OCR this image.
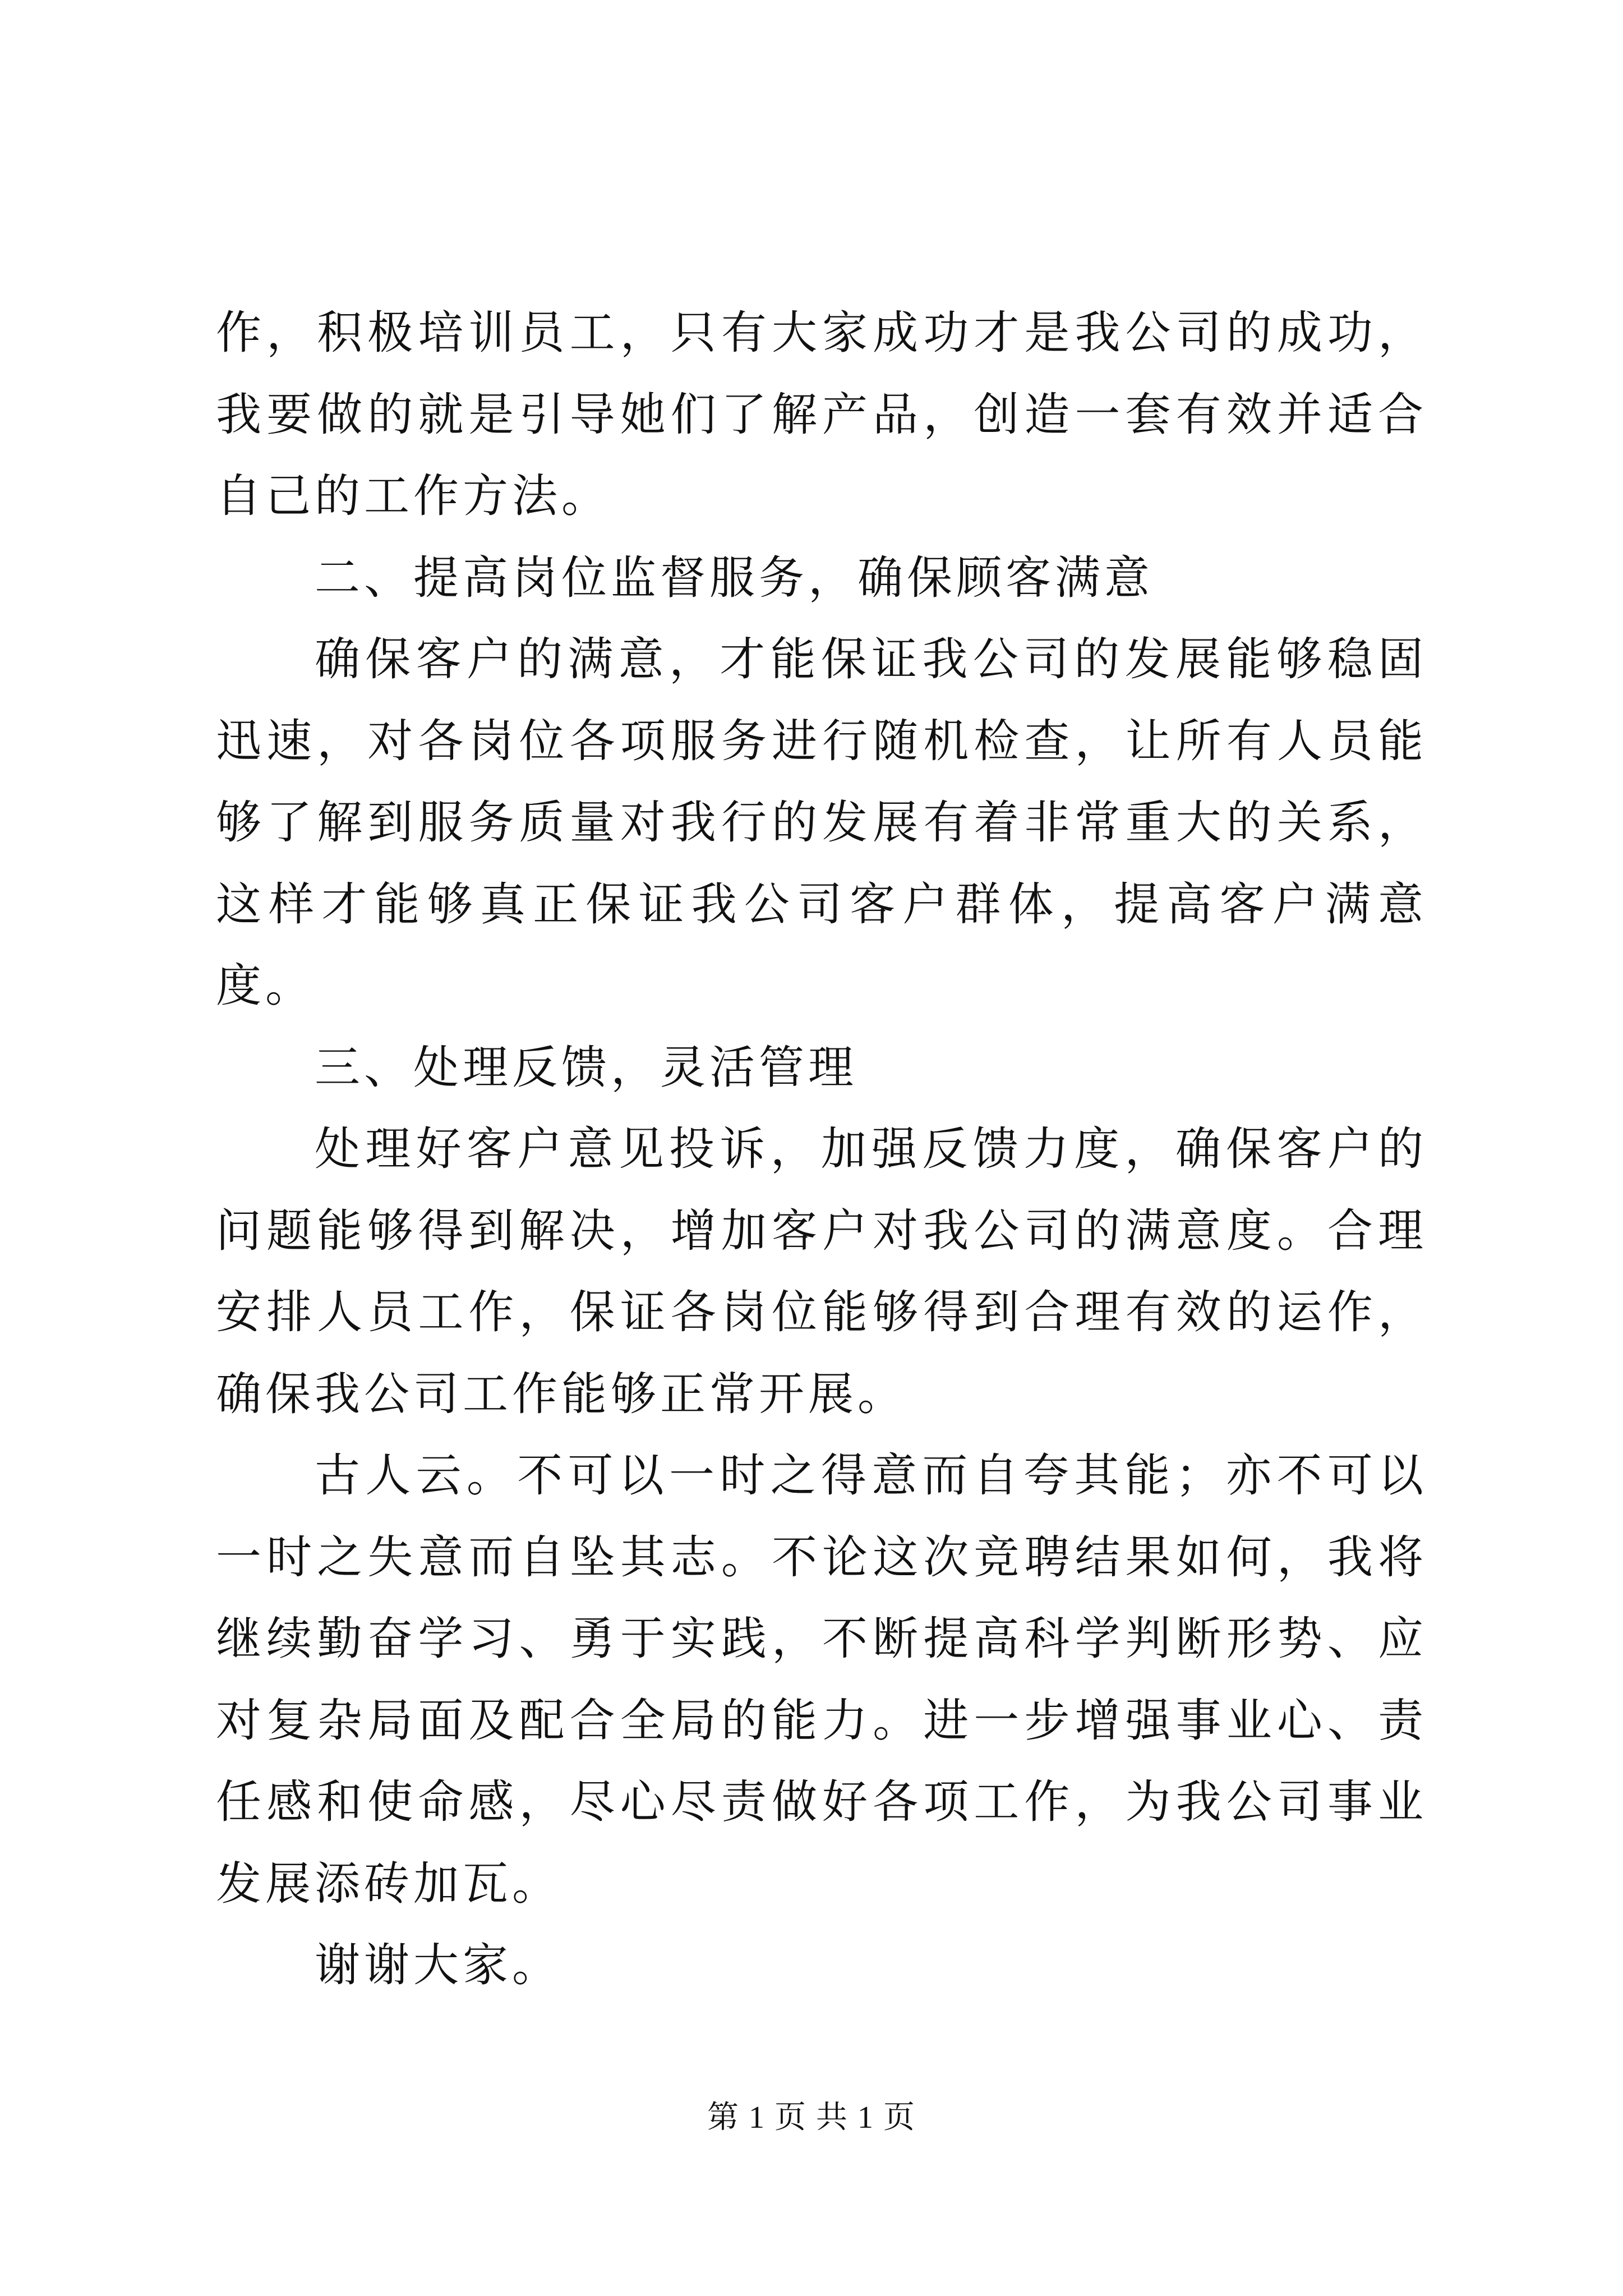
作，积极培训员工，只有大家成功才是我公司的成功，我要做的就是引导她们了解产品，创造一套有效并适合自己的工作方法。

二、提高岗位监督服务，确保顾客满意

确保客户的满意，才能保证我公司的发展能够稳固迅速，对各岗位各项服务进行随机检查，让所有人员能够了解到服务质量对我行的发展有着非常重大的关系，这样才能够真正保证我公司客户群体，提高客户满意度。

三、处理反馈，灵活管理

处理好客户意见投诉，加强反馈力度，确保客户的问题能够得到解决，增加客户对我公司的满意度。合理安排人员工作，保证各岗位能够得到合理有效的运作，确保我公司工作能够正常开展。

古人云。不可以一时之得意而自夸其能；亦不可以一时之失意而自坠其志。不论这次竞聘结果如何，我将继续勤奋学习、勇于实践，不断提高科学判断形势、应对复杂局面及配合全局的能力。进一步增强事业心、责任感和使命感，尽心尽责做好各项工作，为我公司事业发展添砖加瓦。

谢谢大家。

第 1 页 共 1 页
